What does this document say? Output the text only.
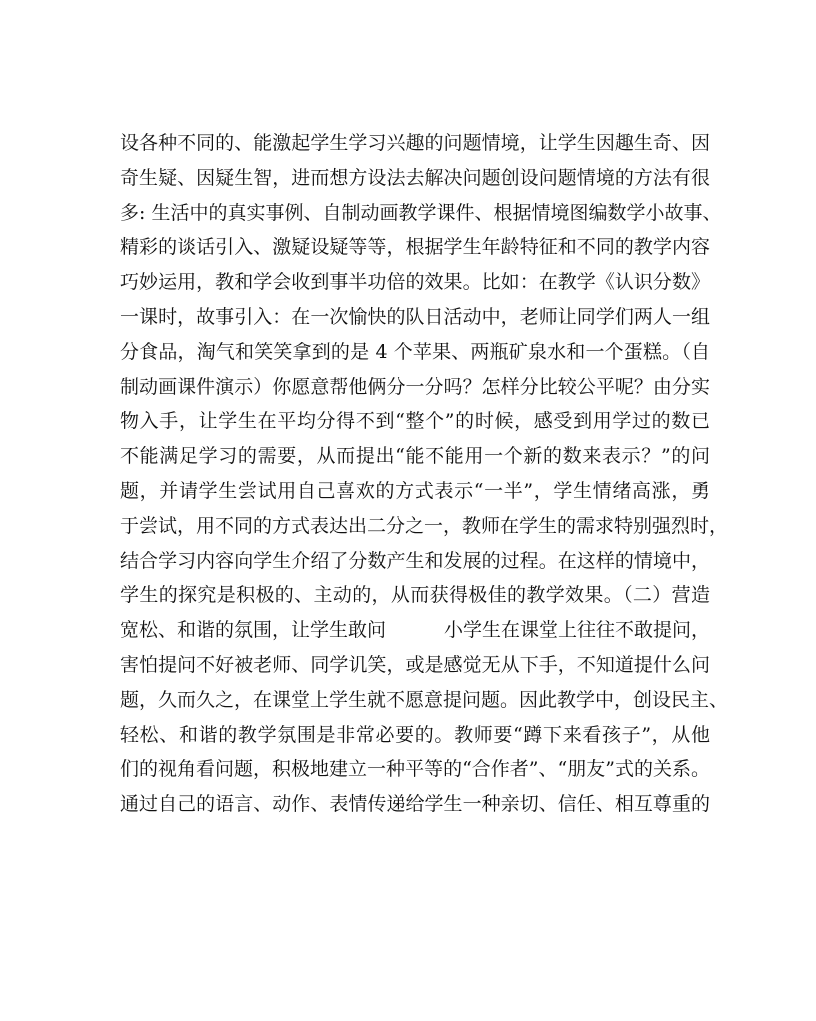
设各种不同的、能激起学生学习兴趣的问题情境，让学生因趣生奇、因
奇生疑、因疑生智，进而想方设法去解决问题创设问题情境的方法有很
多: 生活中的真实事例、自制动画教学课件、根据情境图编数学小故事、
精彩的谈话引入、激疑设疑等等，根据学生年龄特征和不同的教学内容
巧妙运用，教和学会收到事半功倍的效果。比如：在教学《认识分数》
一课时，故事引入：在一次愉快的队日活动中，老师让同学们两人一组
分食品，淘气和笑笑拿到的是 4 个苹果、两瓶矿泉水和一个蛋糕。（自
制动画课件演示）你愿意帮他俩分一分吗？怎样分比较公平呢？由分实
物入手，让学生在平均分得不到“整个”的时候，感受到用学过的数已
不能满足学习的需要，从而提出“能不能用一个新的数来表示？”的问
题，并请学生尝试用自己喜欢的方式表示“一半”，学生情绪高涨，勇
于尝试，用不同的方式表达出二分之一，教师在学生的需求特别强烈时，
结合学习内容向学生介绍了分数产生和发展的过程。在这样的情境中，
学生的探究是积极的、主动的，从而获得极佳的教学效果。（二）营造
宽松、和谐的氛围，让学生敢问	小学生在课堂上往往不敢提问，
害怕提问不好被老师、同学讥笑，或是感觉无从下手，不知道提什么问
题，久而久之，在课堂上学生就不愿意提问题。因此教学中，创设民主、
轻松、和谐的教学氛围是非常必要的。教师要“蹲下来看孩子”，从他
们的视角看问题，积极地建立一种平等的“合作者”、“朋友”式的关系。
通过自己的语言、动作、表情传递给学生一种亲切、信任、相互尊重的
